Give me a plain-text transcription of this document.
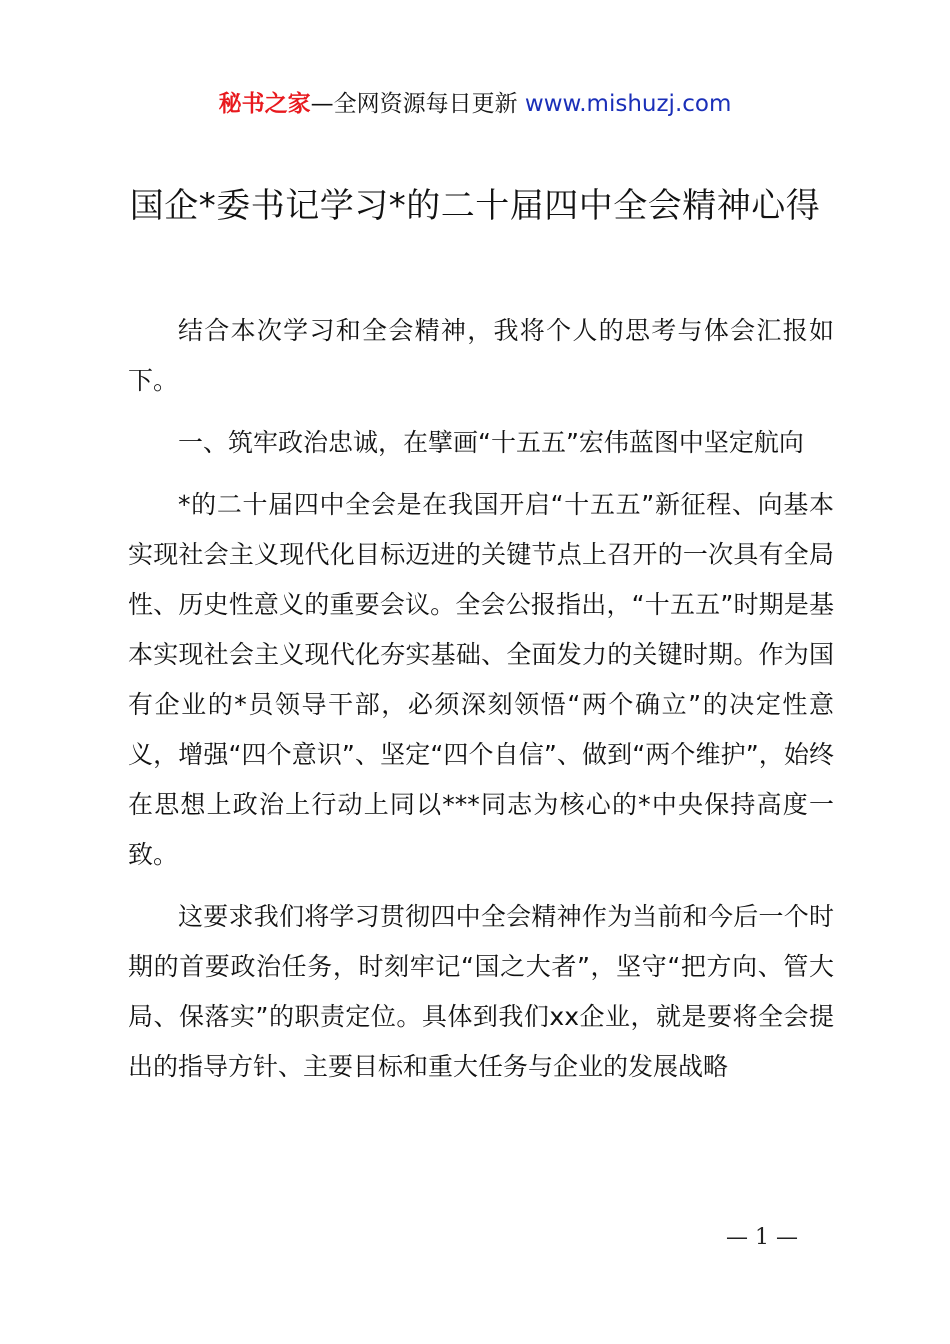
秘书之家—全网资源每日更新 www.mishuzj.com
国企*委书记学习*的二十届四中全会精神心得

结合本次学习和全会精神，我将个人的思考与体会汇报如下。

一、筑牢政治忠诚，在擘画“十五五”宏伟蓝图中坚定航向

*的二十届四中全会是在我国开启“十五五”新征程、向基本实现社会主义现代化目标迈进的关键节点上召开的一次具有全局性、历史性意义的重要会议。全会公报指出，“十五五”时期是基本实现社会主义现代化夯实基础、全面发力的关键时期。作为国有企业的*员领导干部，必须深刻领悟“两个确立”的决定性意义，增强“四个意识”、坚定“四个自信”、做到“两个维护”，始终在思想上政治上行动上同以***同志为核心的*中央保持高度一致。

这要求我们将学习贯彻四中全会精神作为当前和今后一个时期的首要政治任务，时刻牢记“国之大者”，坚守“把方向、管大局、保落实”的职责定位。具体到我们xx企业，就是要将全会提出的指导方针、主要目标和重大任务与企业的发展战略

— 1 —
